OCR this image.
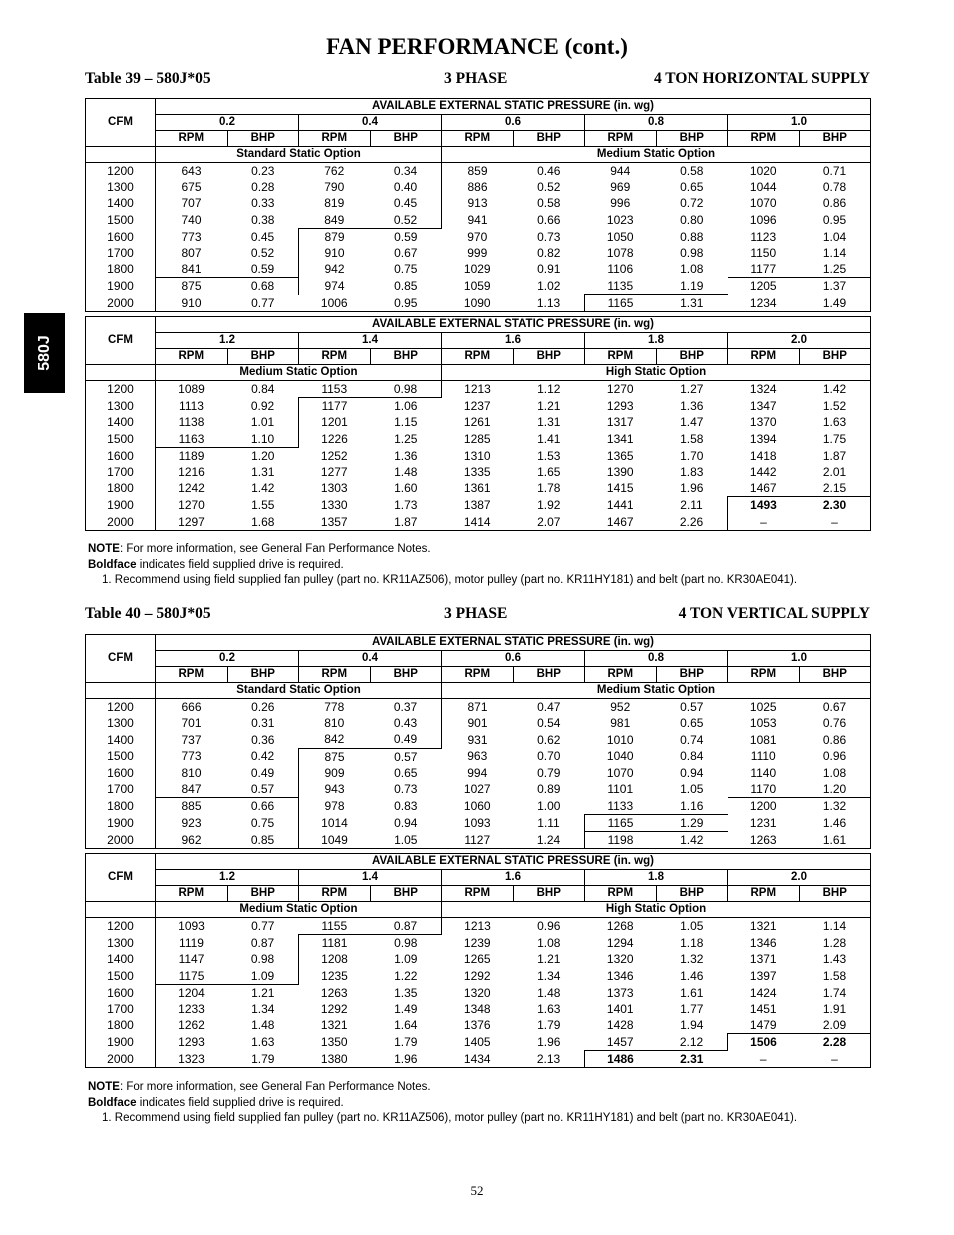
FAN PERFORMANCE (cont.)
580J
Table 39 – 580J*05	3 PHASE	4 TON HORIZONTAL SUPPLY
CFM	AVAILABLE EXTERNAL STATIC PRESSURE (in. wg)									
	0.2		0.4		0.6		0.8		1.0	
	RPM	BHP	RPM	BHP	RPM	BHP	RPM	BHP	RPM	BHP
	Standard Static Option				Medium Static Option					
1200	643	0.23	762	0.34	859	0.46	944	0.58	1020	0.71
1300	675	0.28	790	0.40	886	0.52	969	0.65	1044	0.78
1400	707	0.33	819	0.45	913	0.58	996	0.72	1070	0.86
1500	740	0.38	849	0.52	941	0.66	1023	0.80	1096	0.95
1600	773	0.45	879	0.59	970	0.73	1050	0.88	1123	1.04
1700	807	0.52	910	0.67	999	0.82	1078	0.98	1150	1.14
1800	841	0.59	942	0.75	1029	0.91	1106	1.08	1177	1.25
1900	875	0.68	974	0.85	1059	1.02	1135	1.19	1205	1.37
2000	910	0.77	1006	0.95	1090	1.13	1165	1.31	1234	1.49
CFM	AVAILABLE EXTERNAL STATIC PRESSURE (in. wg)									
	1.2		1.4		1.6		1.8		2.0	
	RPM	BHP	RPM	BHP	RPM	BHP	RPM	BHP	RPM	BHP
	Medium Static Option				High Static Option					
1200	1089	0.84	1153	0.98	1213	1.12	1270	1.27	1324	1.42
1300	1113	0.92	1177	1.06	1237	1.21	1293	1.36	1347	1.52
1400	1138	1.01	1201	1.15	1261	1.31	1317	1.47	1370	1.63
1500	1163	1.10	1226	1.25	1285	1.41	1341	1.58	1394	1.75
1600	1189	1.20	1252	1.36	1310	1.53	1365	1.70	1418	1.87
1700	1216	1.31	1277	1.48	1335	1.65	1390	1.83	1442	2.01
1800	1242	1.42	1303	1.60	1361	1.78	1415	1.96	1467	2.15
1900	1270	1.55	1330	1.73	1387	1.92	1441	2.11	1493	2.30
2000	1297	1.68	1357	1.87	1414	2.07	1467	2.26	–	–
NOTE: For more information, see General Fan Performance Notes.
Boldface indicates field supplied drive is required.
1. Recommend using field supplied fan pulley (part no. KR11AZ506), motor pulley (part no. KR11HY181) and belt (part no. KR30AE041).
Table 40 – 580J*05	3 PHASE	4 TON VERTICAL SUPPLY
CFM	AVAILABLE EXTERNAL STATIC PRESSURE (in. wg)									
	0.2		0.4		0.6		0.8		1.0	
	RPM	BHP	RPM	BHP	RPM	BHP	RPM	BHP	RPM	BHP
	Standard Static Option				Medium Static Option					
1200	666	0.26	778	0.37	871	0.47	952	0.57	1025	0.67
1300	701	0.31	810	0.43	901	0.54	981	0.65	1053	0.76
1400	737	0.36	842	0.49	931	0.62	1010	0.74	1081	0.86
1500	773	0.42	875	0.57	963	0.70	1040	0.84	1110	0.96
1600	810	0.49	909	0.65	994	0.79	1070	0.94	1140	1.08
1700	847	0.57	943	0.73	1027	0.89	1101	1.05	1170	1.20
1800	885	0.66	978	0.83	1060	1.00	1133	1.16	1200	1.32
1900	923	0.75	1014	0.94	1093	1.11	1165	1.29	1231	1.46
2000	962	0.85	1049	1.05	1127	1.24	1198	1.42	1263	1.61
CFM	AVAILABLE EXTERNAL STATIC PRESSURE (in. wg)									
	1.2		1.4		1.6		1.8		2.0	
	RPM	BHP	RPM	BHP	RPM	BHP	RPM	BHP	RPM	BHP
	Medium Static Option				High Static Option					
1200	1093	0.77	1155	0.87	1213	0.96	1268	1.05	1321	1.14
1300	1119	0.87	1181	0.98	1239	1.08	1294	1.18	1346	1.28
1400	1147	0.98	1208	1.09	1265	1.21	1320	1.32	1371	1.43
1500	1175	1.09	1235	1.22	1292	1.34	1346	1.46	1397	1.58
1600	1204	1.21	1263	1.35	1320	1.48	1373	1.61	1424	1.74
1700	1233	1.34	1292	1.49	1348	1.63	1401	1.77	1451	1.91
1800	1262	1.48	1321	1.64	1376	1.79	1428	1.94	1479	2.09
1900	1293	1.63	1350	1.79	1405	1.96	1457	2.12	1506	2.28
2000	1323	1.79	1380	1.96	1434	2.13	1486	2.31	–	–
NOTE: For more information, see General Fan Performance Notes.
Boldface indicates field supplied drive is required.
1. Recommend using field supplied fan pulley (part no. KR11AZ506), motor pulley (part no. KR11HY181) and belt (part no. KR30AE041).
52
